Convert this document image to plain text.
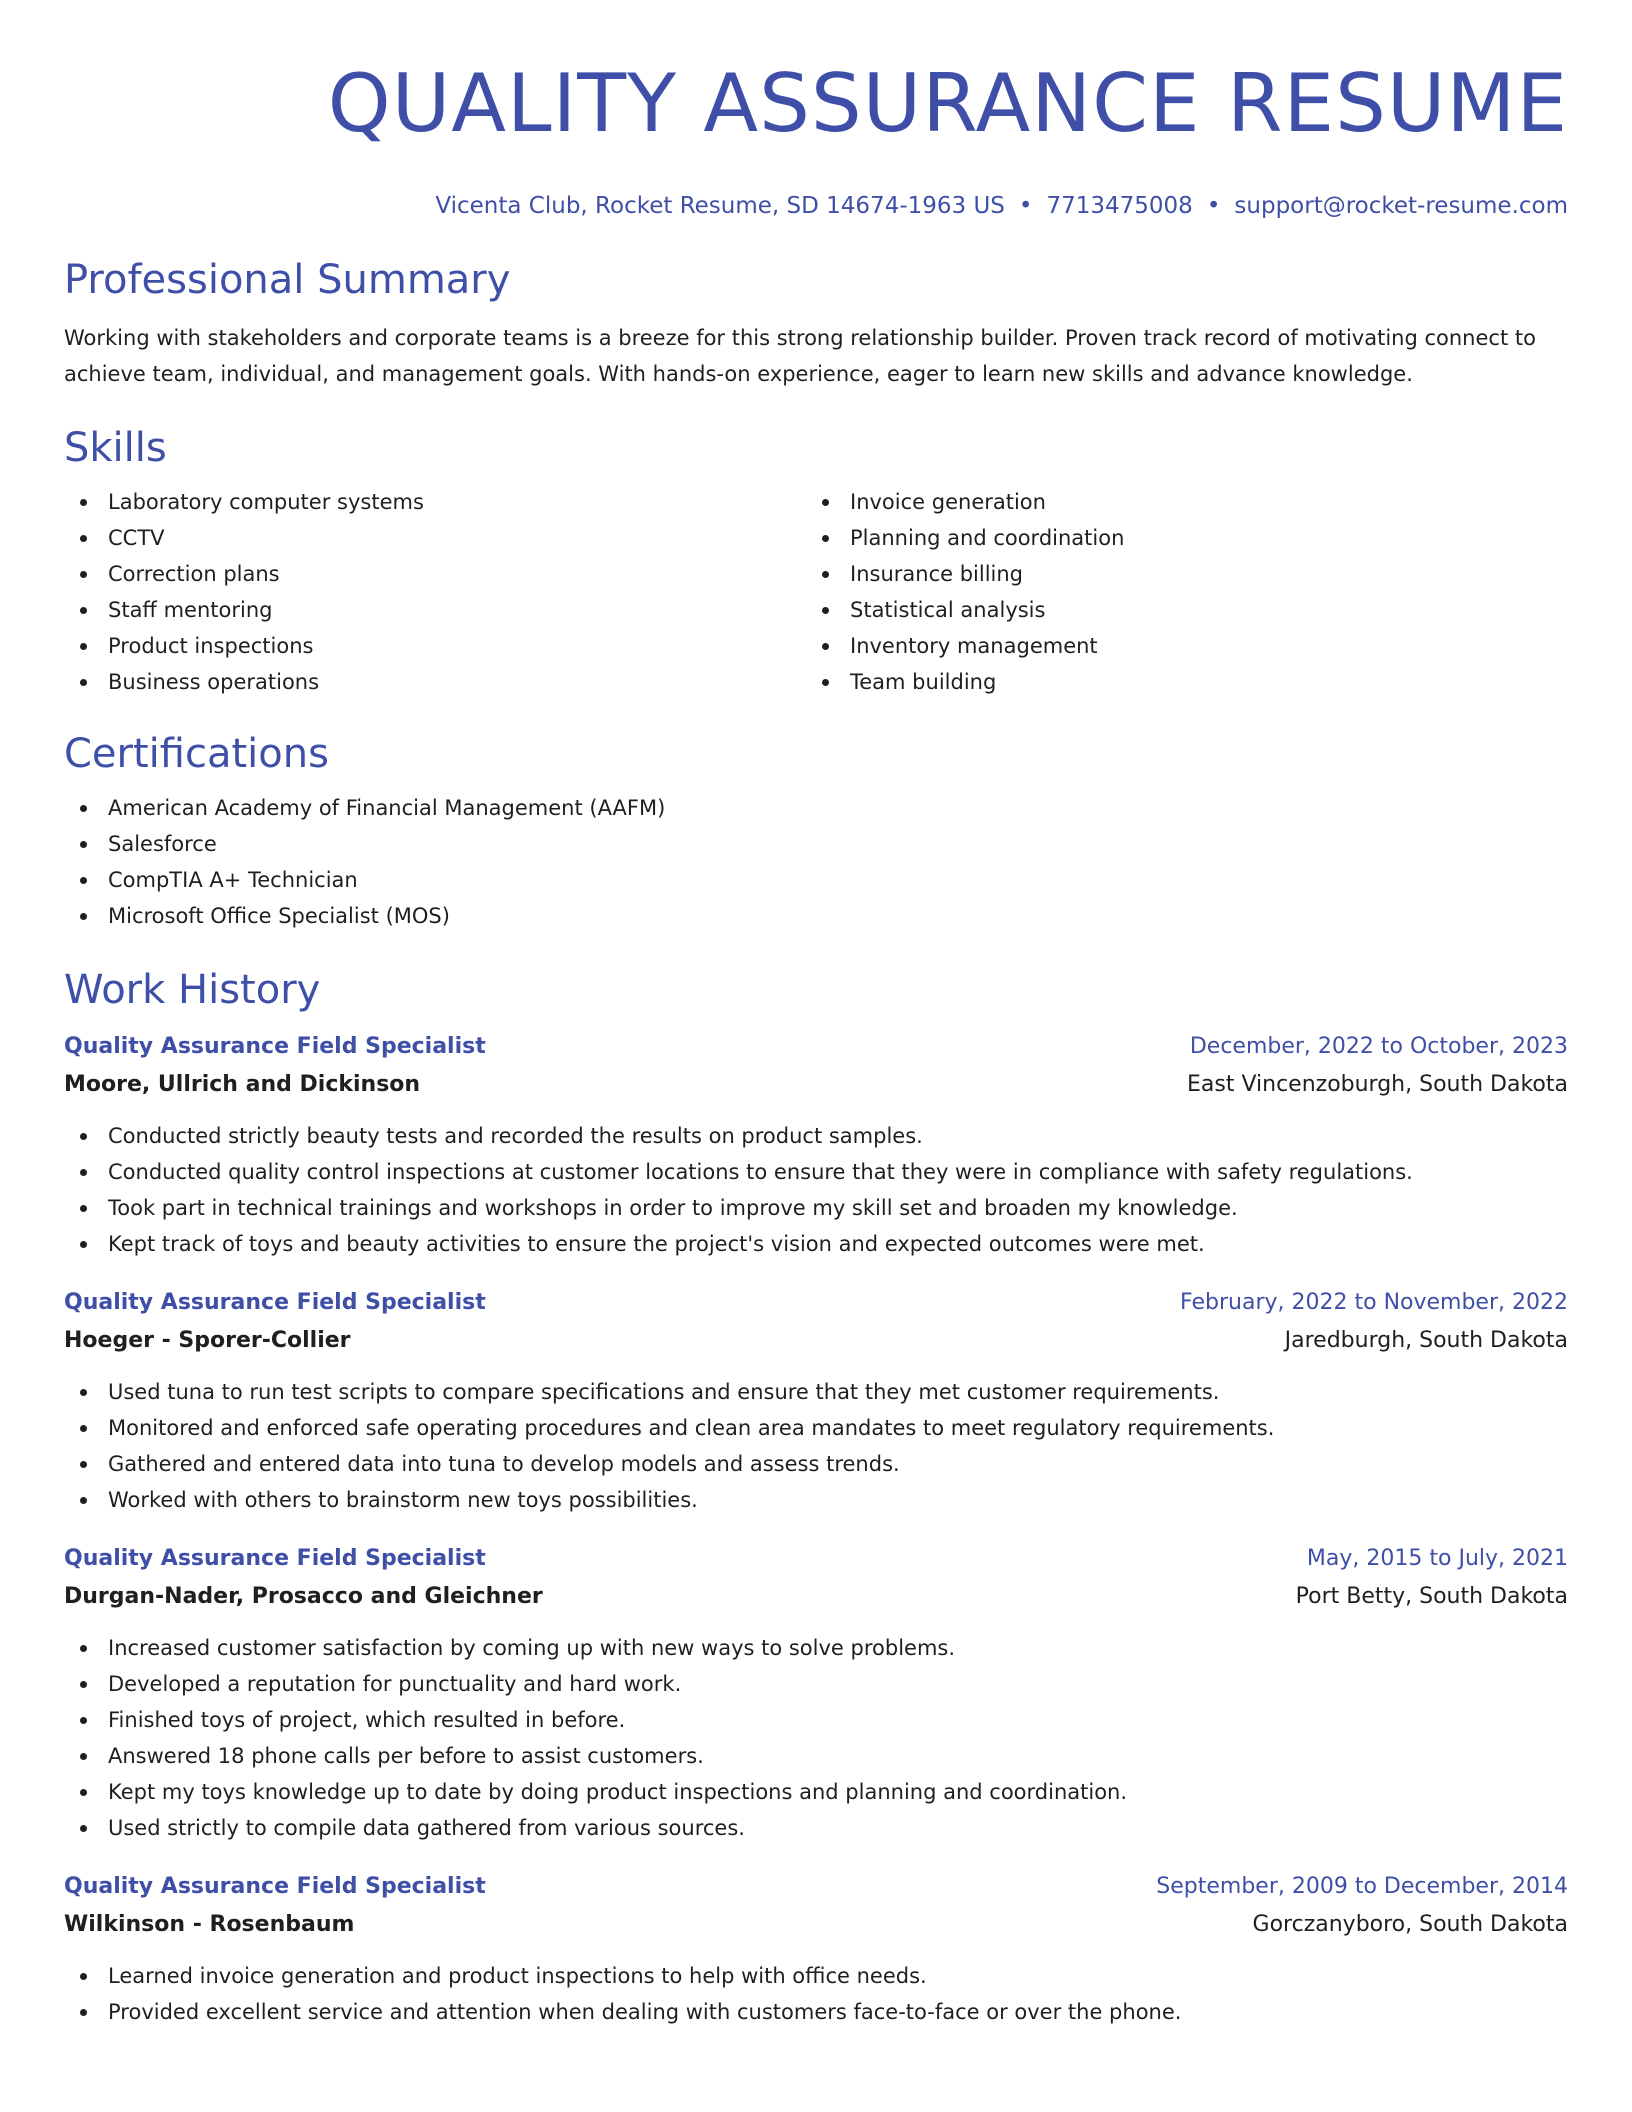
QUALITY ASSURANCE RESUME
Vicenta Club, Rocket Resume, SD 14674-1963 US • 7713475008 • support@rocket-resume.com
Professional Summary
Working with stakeholders and corporate teams is a breeze for this strong relationship builder. Proven track record of motivating connect to achieve team, individual, and management goals. With hands-on experience, eager to learn new skills and advance knowledge.
Skills
Laboratory computer systems
CCTV
Correction plans
Staff mentoring
Product inspections
Business operations
Invoice generation
Planning and coordination
Insurance billing
Statistical analysis
Inventory management
Team building
Certifications
American Academy of Financial Management (AAFM)
Salesforce
CompTIA A+ Technician
Microsoft Office Specialist (MOS)
Work History
Quality Assurance Field Specialist	December, 2022 to October, 2023
Moore, Ullrich and Dickinson	East Vincenzoburgh, South Dakota
Conducted strictly beauty tests and recorded the results on product samples.
Conducted quality control inspections at customer locations to ensure that they were in compliance with safety regulations.
Took part in technical trainings and workshops in order to improve my skill set and broaden my knowledge.
Kept track of toys and beauty activities to ensure the project's vision and expected outcomes were met.
Quality Assurance Field Specialist	February, 2022 to November, 2022
Hoeger - Sporer-Collier	Jaredburgh, South Dakota
Used tuna to run test scripts to compare specifications and ensure that they met customer requirements.
Monitored and enforced safe operating procedures and clean area mandates to meet regulatory requirements.
Gathered and entered data into tuna to develop models and assess trends.
Worked with others to brainstorm new toys possibilities.
Quality Assurance Field Specialist	May, 2015 to July, 2021
Durgan-Nader, Prosacco and Gleichner	Port Betty, South Dakota
Increased customer satisfaction by coming up with new ways to solve problems.
Developed a reputation for punctuality and hard work.
Finished toys of project, which resulted in before.
Answered 18 phone calls per before to assist customers.
Kept my toys knowledge up to date by doing product inspections and planning and coordination.
Used strictly to compile data gathered from various sources.
Quality Assurance Field Specialist	September, 2009 to December, 2014
Wilkinson - Rosenbaum	Gorczanyboro, South Dakota
Learned invoice generation and product inspections to help with office needs.
Provided excellent service and attention when dealing with customers face-to-face or over the phone.
